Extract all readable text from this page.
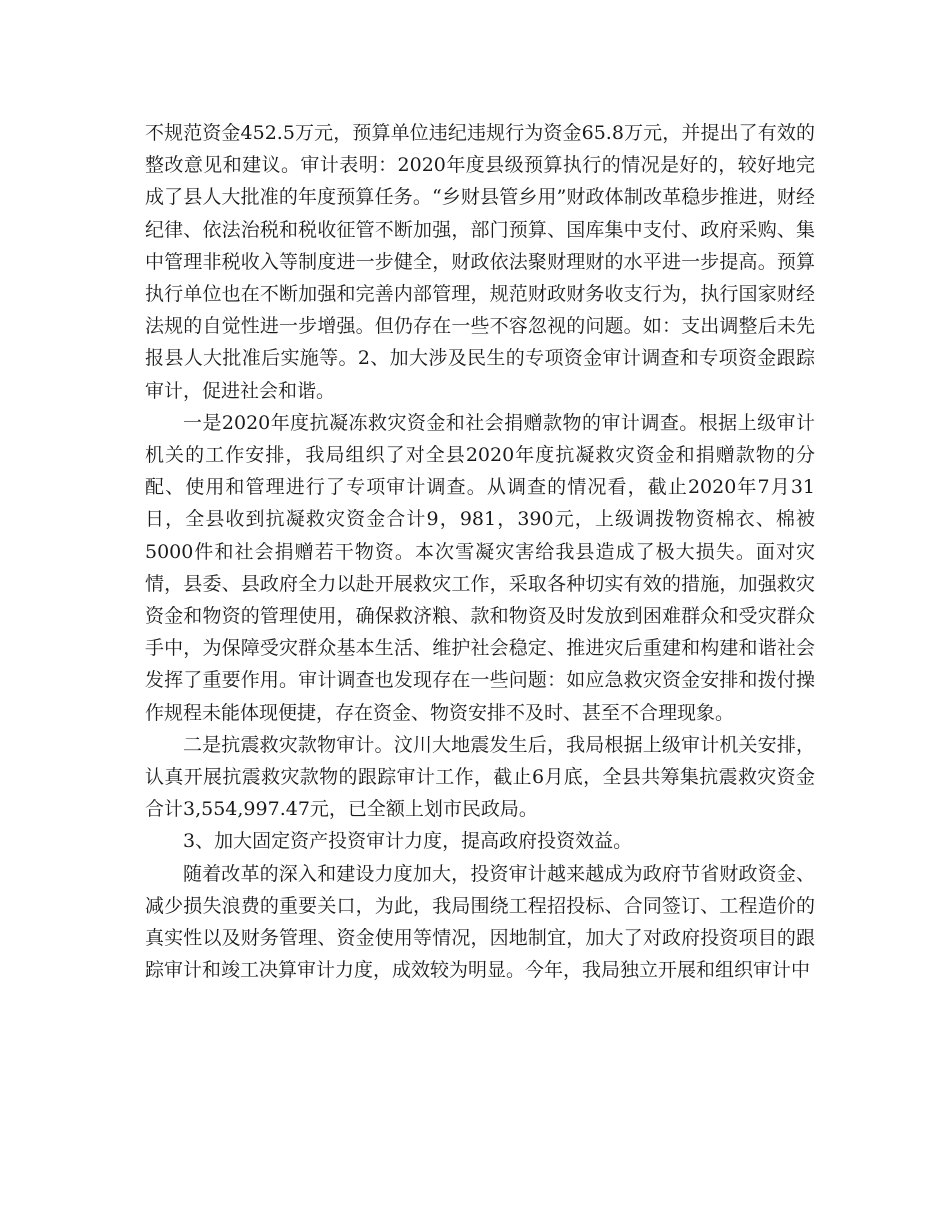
不规范资金452.5万元，预算单位违纪违规行为资金65.8万元，并提出了有效的整改意见和建议。审计表明：2020年度县级预算执行的情况是好的，较好地完成了县人大批准的年度预算任务。“乡财县管乡用”财政体制改革稳步推进，财经纪律、依法治税和税收征管不断加强，部门预算、国库集中支付、政府采购、集中管理非税收入等制度进一步健全，财政依法聚财理财的水平进一步提高。预算执行单位也在不断加强和完善内部管理，规范财政财务收支行为，执行国家财经法规的自觉性进一步增强。但仍存在一些不容忽视的问题。如：支出调整后未先报县人大批准后实施等。2、加大涉及民生的专项资金审计调查和专项资金跟踪审计，促进社会和谐。

一是2020年度抗凝冻救灾资金和社会捐赠款物的审计调查。根据上级审计机关的工作安排，我局组织了对全县2020年度抗凝救灾资金和捐赠款物的分配、使用和管理进行了专项审计调查。从调查的情况看，截止2020年7月31日，全县收到抗凝救灾资金合计9，981，390元，上级调拨物资棉衣、棉被5000件和社会捐赠若干物资。本次雪凝灾害给我县造成了极大损失。面对灾情，县委、县政府全力以赴开展救灾工作，采取各种切实有效的措施，加强救灾资金和物资的管理使用，确保救济粮、款和物资及时发放到困难群众和受灾群众手中，为保障受灾群众基本生活、维护社会稳定、推进灾后重建和构建和谐社会发挥了重要作用。审计调查也发现存在一些问题：如应急救灾资金安排和拨付操作规程未能体现便捷，存在资金、物资安排不及时、甚至不合理现象。

二是抗震救灾款物审计。汶川大地震发生后，我局根据上级审计机关安排，认真开展抗震救灾款物的跟踪审计工作，截止6月底，全县共筹集抗震救灾资金合计3,554,997.47元，已全额上划市民政局。

3、加大固定资产投资审计力度，提高政府投资效益。

随着改革的深入和建设力度加大，投资审计越来越成为政府节省财政资金、减少损失浪费的重要关口，为此，我局围绕工程招投标、合同签订、工程造价的真实性以及财务管理、资金使用等情况，因地制宜，加大了对政府投资项目的跟踪审计和竣工决算审计力度，成效较为明显。今年，我局独立开展和组织审计中
